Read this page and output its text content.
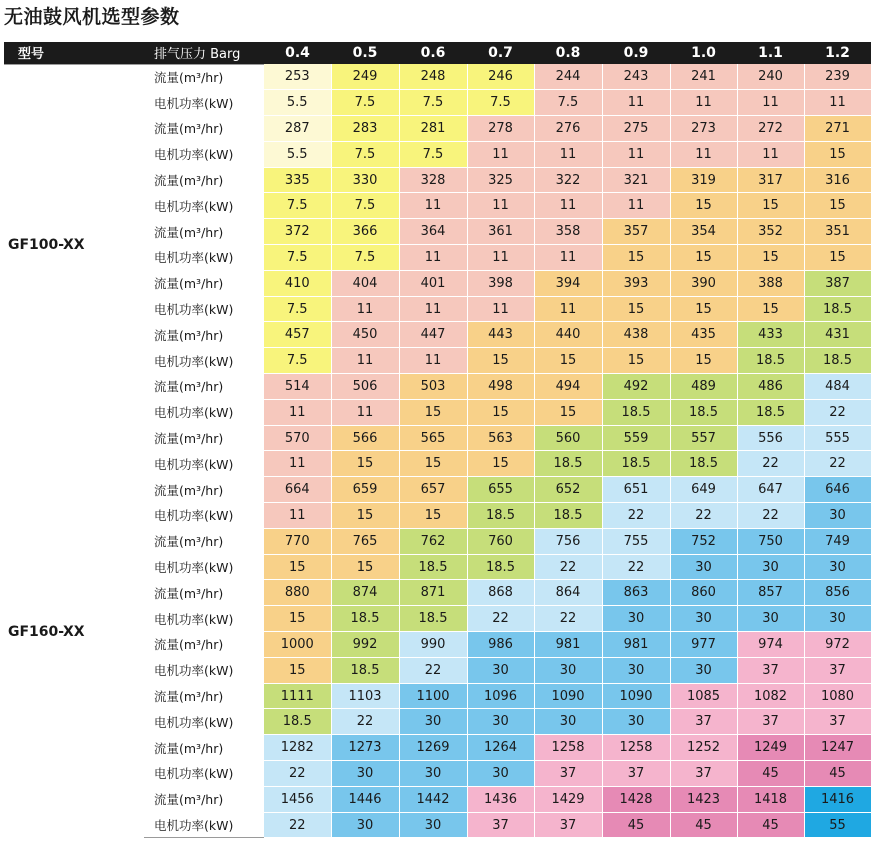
无油鼓风机选型参数
型号	排气压力 Barg	0.4	0.5	0.6	0.7	0.8	0.9	1.0	1.1	1.2
GF100-XX	流量(m³/hr)	253	249	248	246	244	243	241	240	239
	电机功率(kW)	5.5	7.5	7.5	7.5	7.5	11	11	11	11
	流量(m³/hr)	287	283	281	278	276	275	273	272	271
	电机功率(kW)	5.5	7.5	7.5	11	11	11	11	11	15
	流量(m³/hr)	335	330	328	325	322	321	319	317	316
	电机功率(kW)	7.5	7.5	11	11	11	11	15	15	15
	流量(m³/hr)	372	366	364	361	358	357	354	352	351
	电机功率(kW)	7.5	7.5	11	11	11	15	15	15	15
	流量(m³/hr)	410	404	401	398	394	393	390	388	387
	电机功率(kW)	7.5	11	11	11	11	15	15	15	18.5
	流量(m³/hr)	457	450	447	443	440	438	435	433	431
	电机功率(kW)	7.5	11	11	15	15	15	15	18.5	18.5
	流量(m³/hr)	514	506	503	498	494	492	489	486	484
	电机功率(kW)	11	11	15	15	15	18.5	18.5	18.5	22
GF160-XX	流量(m³/hr)	570	566	565	563	560	559	557	556	555
	电机功率(kW)	11	15	15	15	18.5	18.5	18.5	22	22
	流量(m³/hr)	664	659	657	655	652	651	649	647	646
	电机功率(kW)	11	15	15	18.5	18.5	22	22	22	30
	流量(m³/hr)	770	765	762	760	756	755	752	750	749
	电机功率(kW)	15	15	18.5	18.5	22	22	30	30	30
	流量(m³/hr)	880	874	871	868	864	863	860	857	856
	电机功率(kW)	15	18.5	18.5	22	22	30	30	30	30
	流量(m³/hr)	1000	992	990	986	981	981	977	974	972
	电机功率(kW)	15	18.5	22	30	30	30	30	37	37
	流量(m³/hr)	1111	1103	1100	1096	1090	1090	1085	1082	1080
	电机功率(kW)	18.5	22	30	30	30	30	37	37	37
	流量(m³/hr)	1282	1273	1269	1264	1258	1258	1252	1249	1247
	电机功率(kW)	22	30	30	30	37	37	37	45	45
	流量(m³/hr)	1456	1446	1442	1436	1429	1428	1423	1418	1416
	电机功率(kW)	22	30	30	37	37	45	45	45	55
